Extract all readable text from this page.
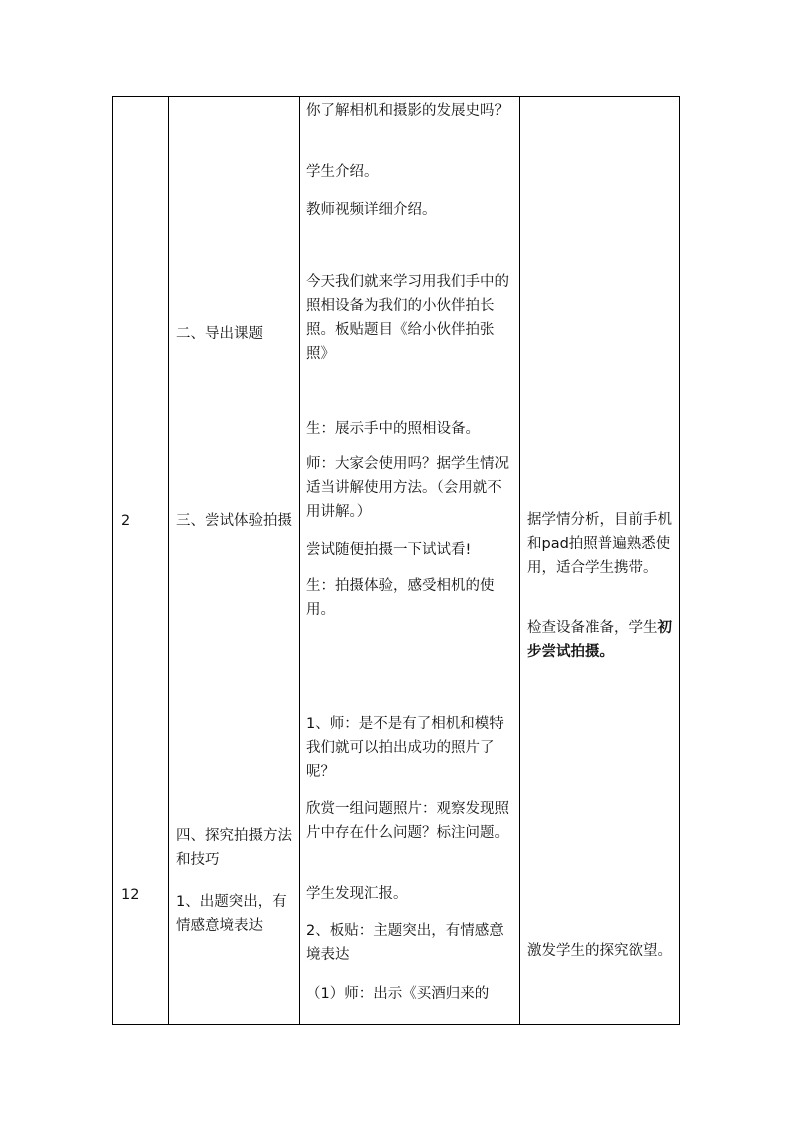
2

12

二、导出课题

三、尝试体验拍摄

四、探究拍摄方法和技巧

1、出题突出，有情感意境表达

你了解相机和摄影的发展史吗？

学生介绍。

教师视频详细介绍。

今天我们就来学习用我们手中的照相设备为我们的小伙伴拍长照。板贴题目《给小伙伴拍张照》

生：展示手中的照相设备。

师：大家会使用吗？据学生情况适当讲解使用方法。（会用就不用讲解。）

尝试随便拍摄一下试试看!

生：拍摄体验，感受相机的使用。

1、师：是不是有了相机和模特我们就可以拍出成功的照片了呢？

欣赏一组问题照片：观察发现照片中存在什么问题？标注问题。

学生发现汇报。

2、板贴：主题突出，有情感意境表达

（1）师：出示《买酒归来的

据学情分析，目前手机和pad拍照普遍熟悉使用，适合学生携带。

检查设备准备，学生初步尝试拍摄。

激发学生的探究欲望。
